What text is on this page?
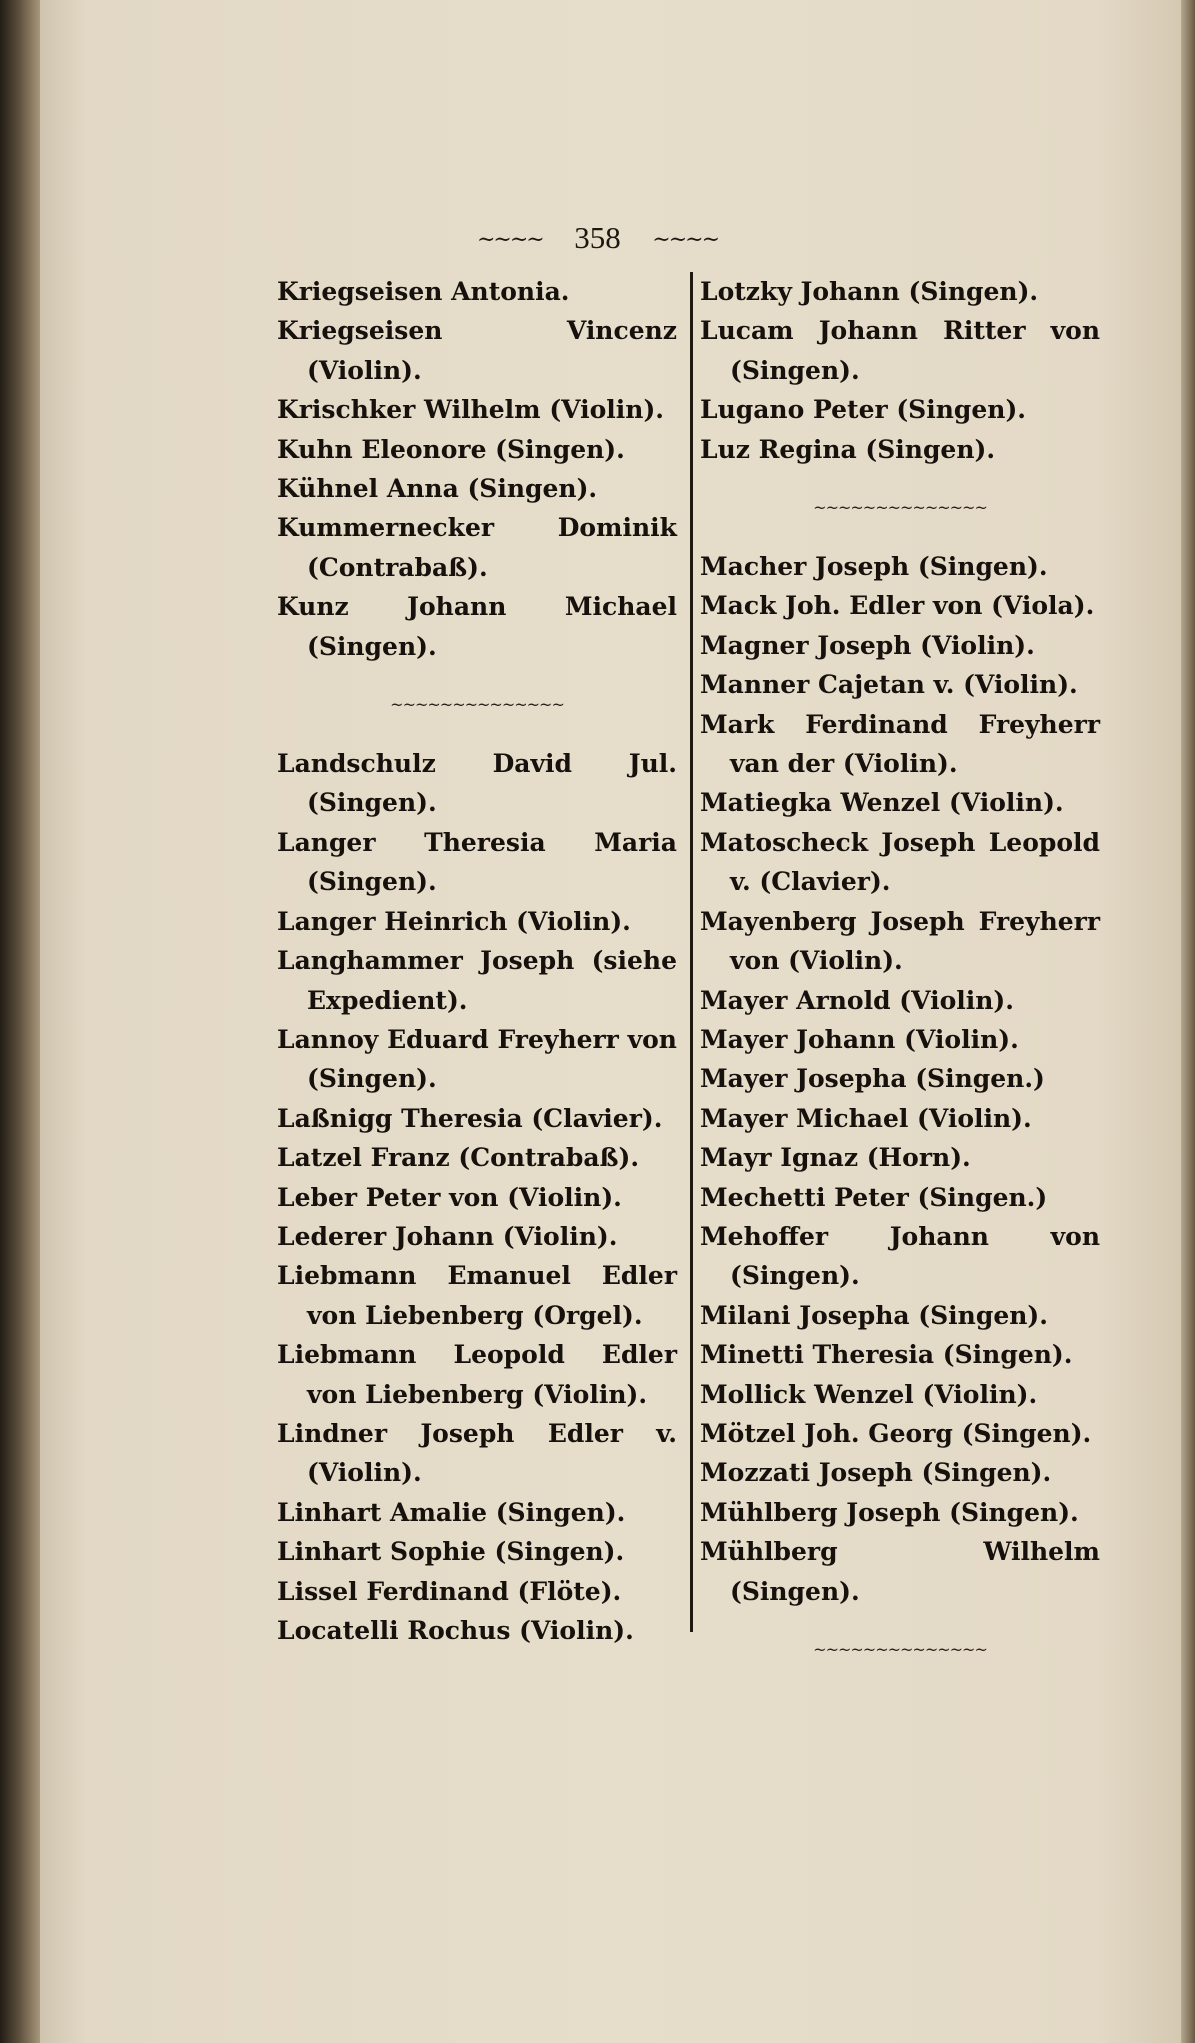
~~~~ 358 ~~~~
Kriegseisen Antonia.
Kriegseisen Vincenz (Violin).
Krischker Wilhelm (Violin).
Kuhn Eleonore (Singen).
Kühnel Anna (Singen).
Kummernecker Dominik (Contrabaß).
Kunz Johann Michael (Singen).
~~~~~~~~~~~~~~
Landschulz David Jul. (Singen).
Langer Theresia Maria (Singen).
Langer Heinrich (Violin).
Langhammer Joseph (siehe Expedient).
Lannoy Eduard Freyherr von (Singen).
Laßnigg Theresia (Clavier).
Latzel Franz (Contrabaß).
Leber Peter von (Violin).
Lederer Johann (Violin).
Liebmann Emanuel Edler von Liebenberg (Orgel).
Liebmann Leopold Edler von Liebenberg (Violin).
Lindner Joseph Edler v. (Violin).
Linhart Amalie (Singen).
Linhart Sophie (Singen).
Lissel Ferdinand (Flöte).
Locatelli Rochus (Violin).
Lotzky Johann (Singen).
Lucam Johann Ritter von (Singen).
Lugano Peter (Singen).
Luz Regina (Singen).
~~~~~~~~~~~~~~
Macher Joseph (Singen).
Mack Joh. Edler von (Viola).
Magner Joseph (Violin).
Manner Cajetan v. (Violin).
Mark Ferdinand Freyherr van der (Violin).
Matiegka Wenzel (Violin).
Matoscheck Joseph Leopold v. (Clavier).
Mayenberg Joseph Freyherr von (Violin).
Mayer Arnold (Violin).
Mayer Johann (Violin).
Mayer Josepha (Singen.)
Mayer Michael (Violin).
Mayr Ignaz (Horn).
Mechetti Peter (Singen.)
Mehoffer Johann von (Singen).
Milani Josepha (Singen).
Minetti Theresia (Singen).
Mollick Wenzel (Violin).
Mötzel Joh. Georg (Singen).
Mozzati Joseph (Singen).
Mühlberg Joseph (Singen).
Mühlberg Wilhelm (Singen).
~~~~~~~~~~~~~~
